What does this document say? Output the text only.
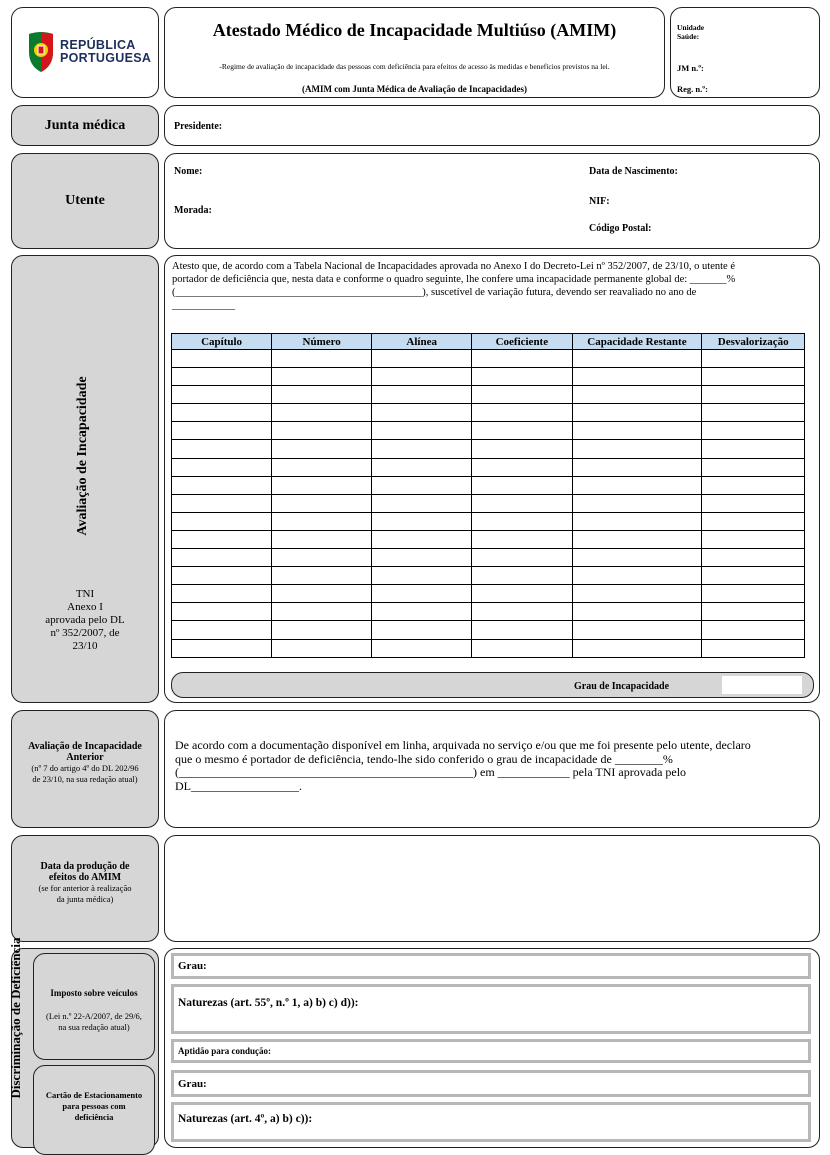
REPÚBLICA
PORTUGUESA
Atestado Médico de Incapacidade Multiúso (AMIM)
-Regime de avaliação de incapacidade das pessoas com deficiência para efeitos de acesso às medidas e benefícios previstos na lei.
(AMIM com Junta Médica de Avaliação de Incapacidades)
Unidade Saúde:
JM n.º:
Reg. n.º:
Junta médica	Presidente:
Utente
Nome:
Morada:
Data de Nascimento:
NIF:
Código Postal:
Avaliação de Incapacidade
TNI
Anexo I
aprovada pelo DL
nº 352/2007, de
23/10
Atesto que, de acordo com a Tabela Nacional de Incapacidades aprovada no Anexo I do Decreto-Lei nº 352/2007, de 23/10, o utente é
portador de deficiência que, nesta data e conforme o quadro seguinte, lhe confere uma incapacidade permanente global de: _______%
(_______________________________________________), suscetível de variação futura, devendo ser reavaliado no ano de
____________
Capítulo	Número	Alínea	Coeficiente	Capacidade Restante	Desvalorização

Grau de Incapacidade
Avaliação de Incapacidade
Anterior
(nº 7 do artigo 4º do DL 202/96
de 23/10, na sua redação atual)
De acordo com a documentação disponível em linha, arquivada no serviço e/ou que me foi presente pelo utente, declaro
que o mesmo é portador de deficiência, tendo-lhe sido conferido o grau de incapacidade de ________%
(_________________________________________________) em ____________ pela TNI aprovada pelo
DL__________________.
Data da produção de
efeitos do AMIM
(se for anterior à realização
da junta médica)
Discriminação de Deficiência	Imposto sobre veículos
(Lei n.º 22-A/2007, de 29/6,
na sua redação atual)
Cartão de Estacionamento
para pessoas com
deficiência
Grau:
Naturezas (art. 55º, n.º 1, a) b) c) d)):
Aptidão para condução:
Grau:
Naturezas (art. 4º, a) b) c)):
